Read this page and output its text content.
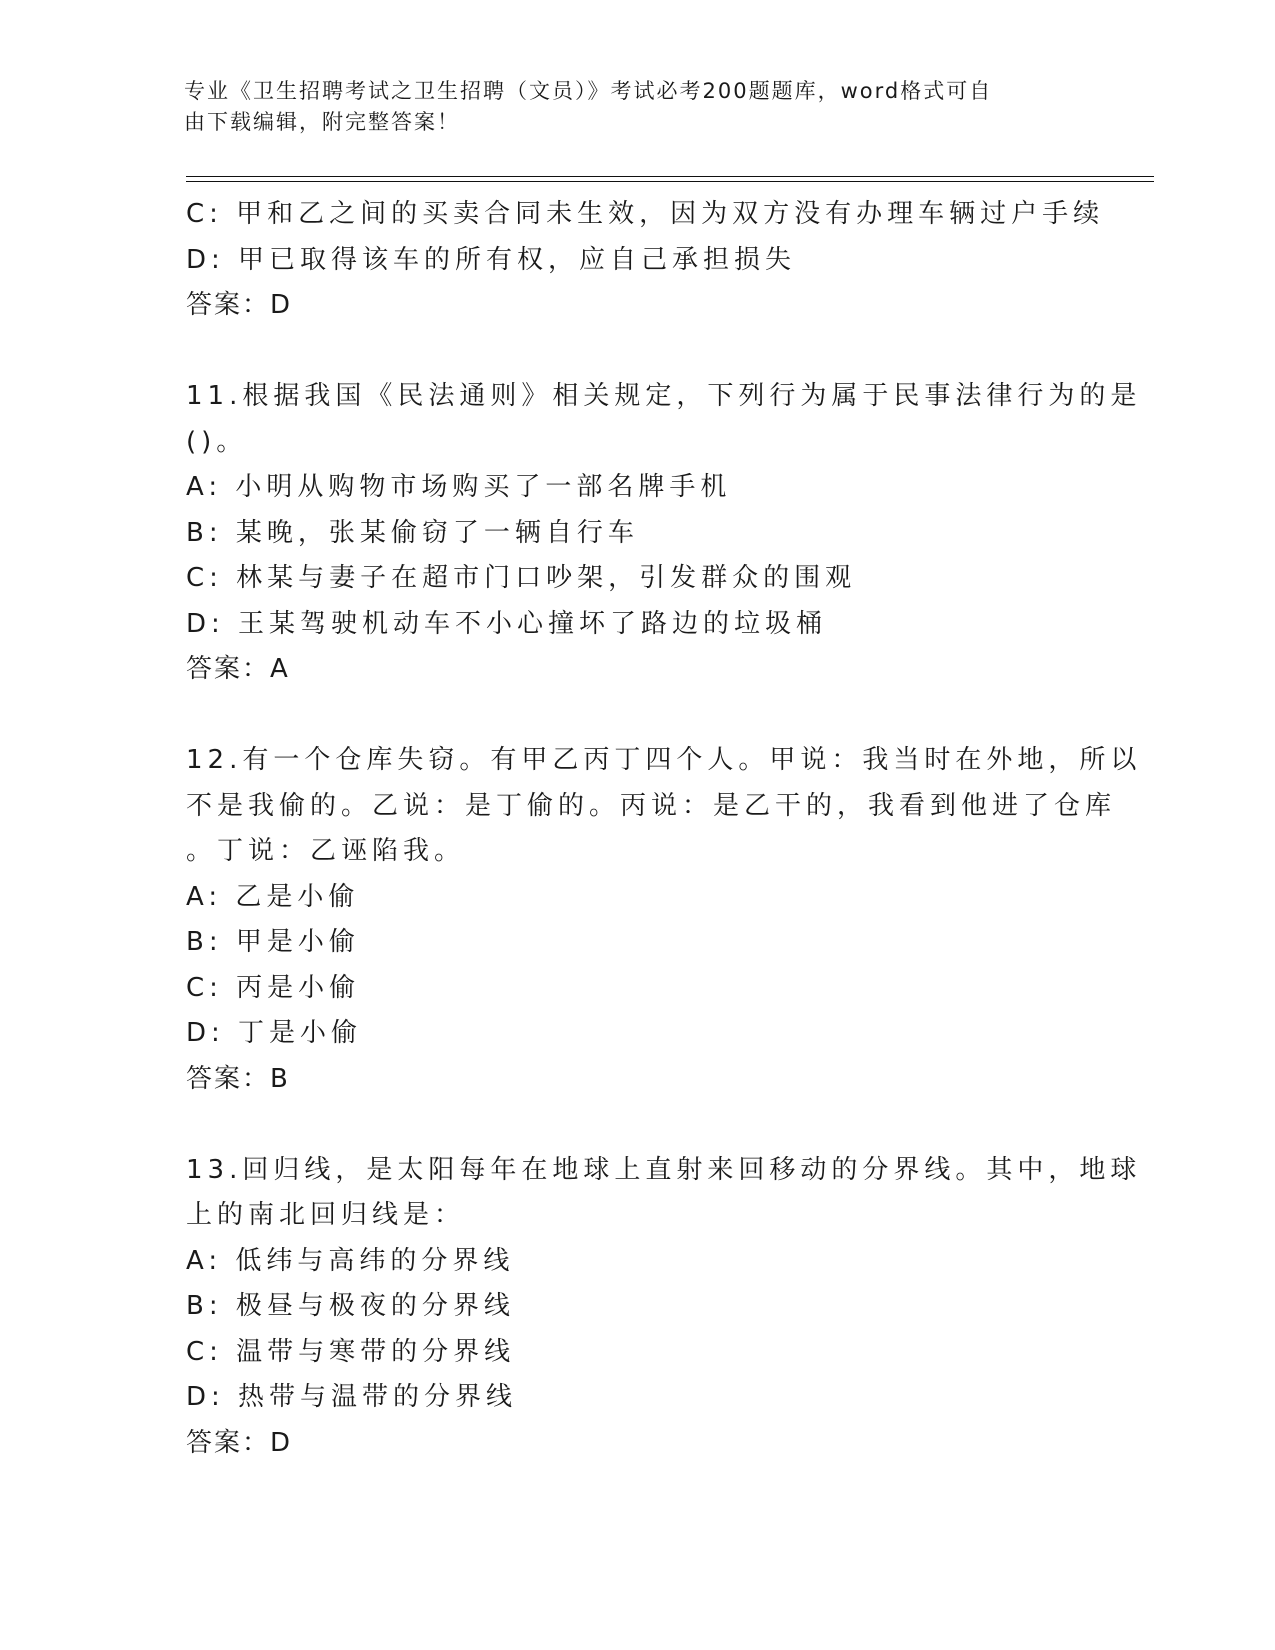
专业《卫生招聘考试之卫生招聘（文员）》考试必考200题题库，word格式可自
由下载编辑，附完整答案！
C: 甲和乙之间的买卖合同未生效，因为双方没有办理车辆过户手续
D: 甲已取得该车的所有权，应自己承担损失
答案：D
11.根据我国《民法通则》相关规定，下列行为属于民事法律行为的是
()。
A: 小明从购物市场购买了一部名牌手机
B: 某晚，张某偷窃了一辆自行车
C: 林某与妻子在超市门口吵架，引发群众的围观
D: 王某驾驶机动车不小心撞坏了路边的垃圾桶
答案：A
12.有一个仓库失窃。有甲乙丙丁四个人。甲说：我当时在外地，所以
不是我偷的。乙说：是丁偷的。丙说：是乙干的，我看到他进了仓库
。丁说：乙诬陷我。
A: 乙是小偷
B: 甲是小偷
C: 丙是小偷
D: 丁是小偷
答案：B
13.回归线，是太阳每年在地球上直射来回移动的分界线。其中，地球
上的南北回归线是：
A: 低纬与高纬的分界线
B: 极昼与极夜的分界线
C: 温带与寒带的分界线
D: 热带与温带的分界线
答案：D
